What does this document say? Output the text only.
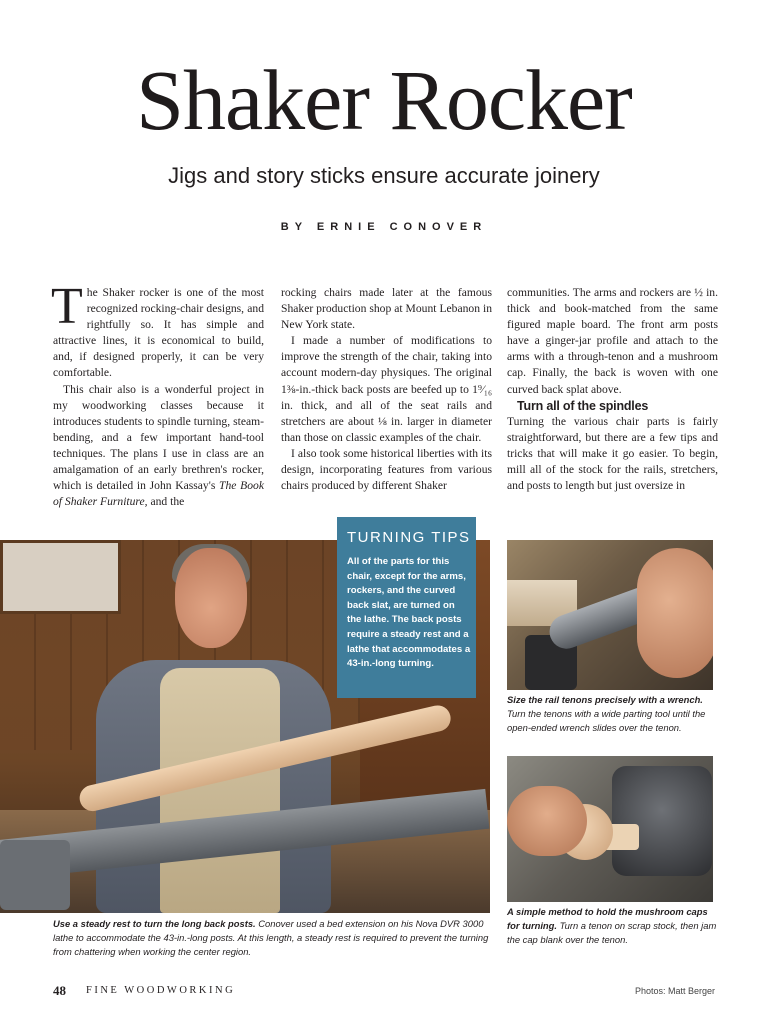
Shaker Rocker
Jigs and story sticks ensure accurate joinery
BY ERNIE CONOVER

The Shaker rocker is one of the most recognized rocking-chair designs, and rightfully so. It has simple and attractive lines, it is economical to build, and, if designed properly, it can be very comfortable.

This chair also is a wonderful project in my woodworking classes because it introduces students to spindle turning, steam-bending, and a few important hand-tool techniques. The plans I use in class are an amalgamation of an early brethren's rocker, which is detailed in John Kassay's The Book of Shaker Furniture, and the

rocking chairs made later at the famous Shaker production shop at Mount Lebanon in New York state.

I made a number of modifications to improve the strength of the chair, taking into account modern-day physiques. The original 1⅜-in.-thick back posts are beefed up to 1⁹⁄₁₆ in. thick, and all of the seat rails and stretchers are about ⅛ in. larger in diameter than those on classic examples of the chair.

I also took some historical liberties with its design, incorporating features from various chairs produced by different Shaker

communities. The arms and rockers are ½ in. thick and book-matched from the same figured maple board. The front arm posts have a ginger-jar profile and attach to the arms with a through-tenon and a mushroom cap. Finally, the back is woven with one curved back splat above.

Turn all of the spindles

Turning the various chair parts is fairly straightforward, but there are a few tips and tricks that will make it go easier. To begin, mill all of the stock for the rails, stretchers, and posts to length but just oversize in

TURNING TIPS
All of the parts for this chair, except for the arms, rockers, and the curved back slat, are turned on the lathe. The back posts require a steady rest and a lathe that accommodates a 43-in.-long turning.
Size the rail tenons precisely with a wrench. Turn the tenons with a wide parting tool until the open-ended wrench slides over the tenon.
A simple method to hold the mushroom caps for turning. Turn a tenon on scrap stock, then jam the cap blank over the tenon.
Use a steady rest to turn the long back posts. Conover used a bed extension on his Nova DVR 3000 lathe to accommodate the 43-in.-long posts. At this length, a steady rest is required to prevent the turning from chattering when working the center region.
48 FINE WOODWORKING	Photos: Matt Berger
